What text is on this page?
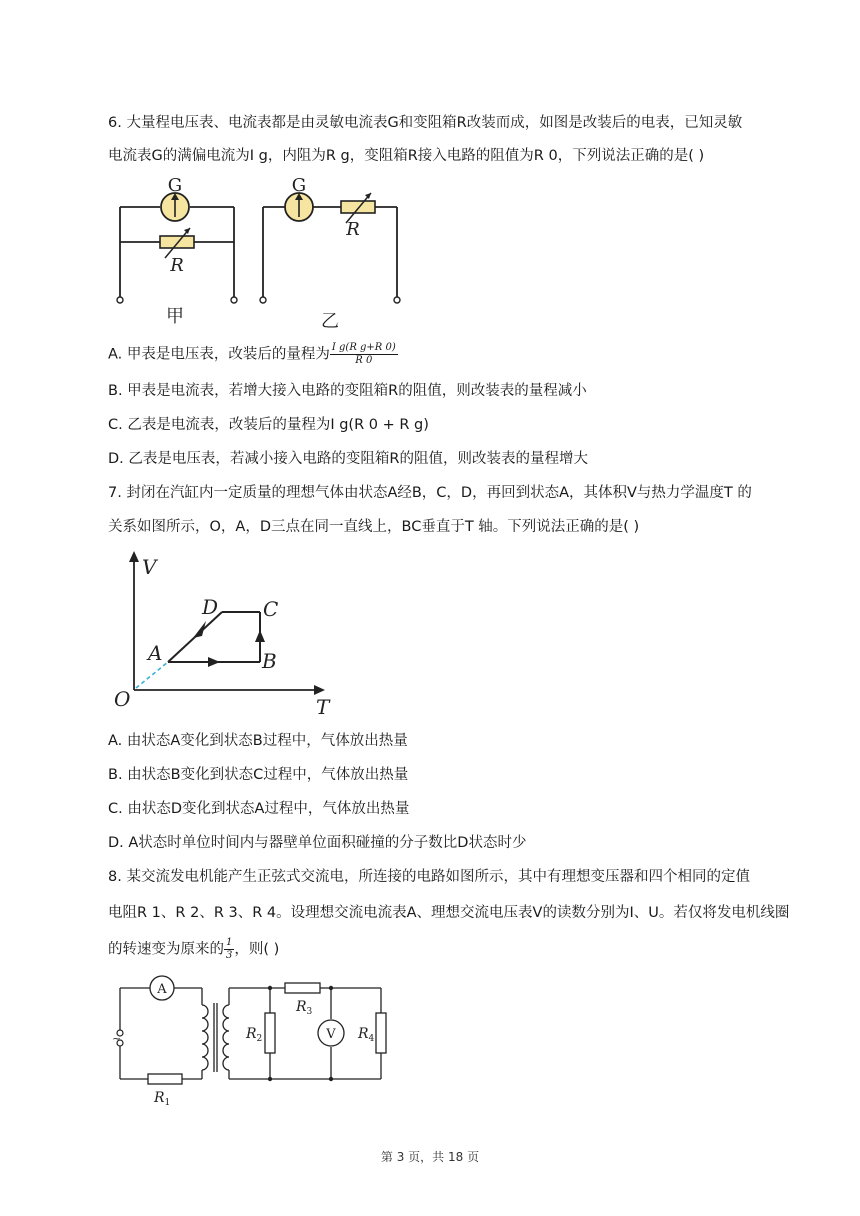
6. 大量程电压表、电流表都是由灵敏电流表G和变阻箱R改装而成，如图是改装后的电表，已知灵敏
电流表G的满偏电流为I g，内阻为R g，变阻箱R接入电路的阻值为R 0，下列说法正确的是( )
G
R
甲
G
R
乙
A. 甲表是电压表，改装后的量程为 $\frac{\text{I g(R g+R 0)}}{R 0}$
B. 甲表是电流表，若增大接入电路的变阻箱R的阻值，则改装表的量程减小
C. 乙表是电流表，改装后的量程为I g(R 0 + R g)
D. 乙表是电压表，若减小接入电路的变阻箱R的阻值，则改装表的量程增大
7. 封闭在汽缸内一定质量的理想气体由状态A经B，C，D，再回到状态A，其体积V与热力学温度T 的
关系如图所示，O，A，D三点在同一直线上，BC垂直于T 轴。下列说法正确的是( )
V
T
O
A	B
C
D
A. 由状态A变化到状态B过程中，气体放出热量
B. 由状态B变化到状态C过程中，气体放出热量
C. 由状态D变化到状态A过程中，气体放出热量
D. A状态时单位时间内与器壁单位面积碰撞的分子数比D状态时少
8. 某交流发电机能产生正弦式交流电，所连接的电路如图所示，其中有理想变压器和四个相同的定值
电阻R 1、R 2、R 3、R 4。设理想交流电流表A、理想交流电压表V的读数分别为I、U。若仅将发电机线圈
的转速变为原来的 $\frac{1}{3}$ ，则( )
A
~
$R_1$
$R_2$
$R_3$
V $R_4$
第 3 页，共 18 页
